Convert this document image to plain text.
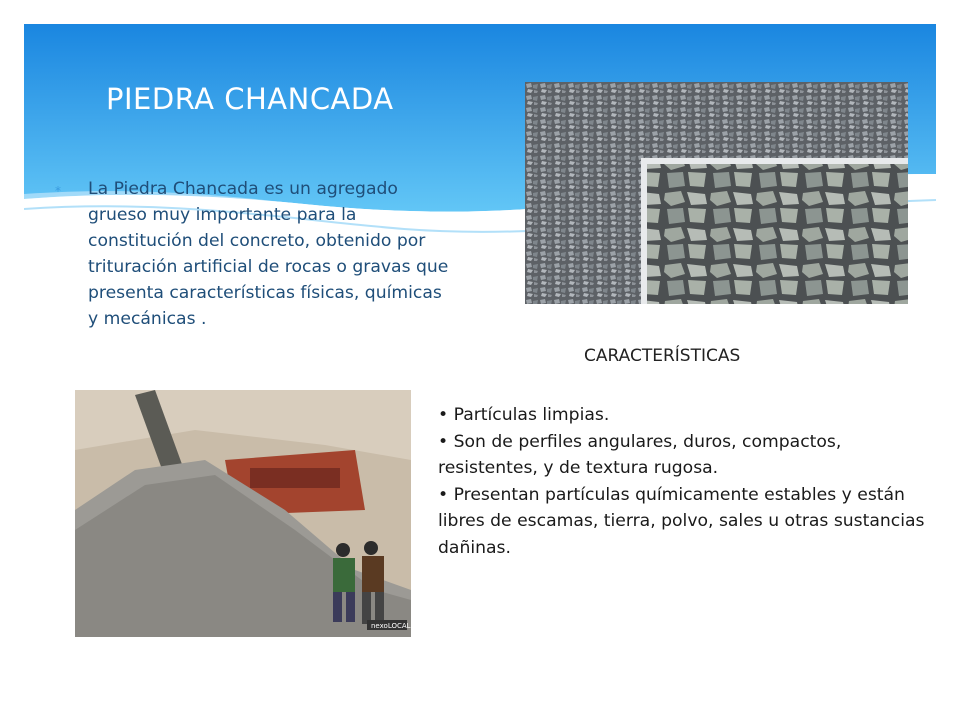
PIEDRA CHANCADA
*	La Piedra Chancada es un agregado grueso muy importante para la constitución del concreto, obtenido por trituración artificial de rocas o gravas que presenta características físicas, químicas y mecánicas .
CARACTERÍSTICAS
nexoLOCAL

• Partículas limpias.

• Son de perfiles angulares, duros, compactos, resistentes, y de textura rugosa.

• Presentan partículas químicamente estables y están libres de escamas, tierra, polvo, sales u otras sustancias dañinas.
